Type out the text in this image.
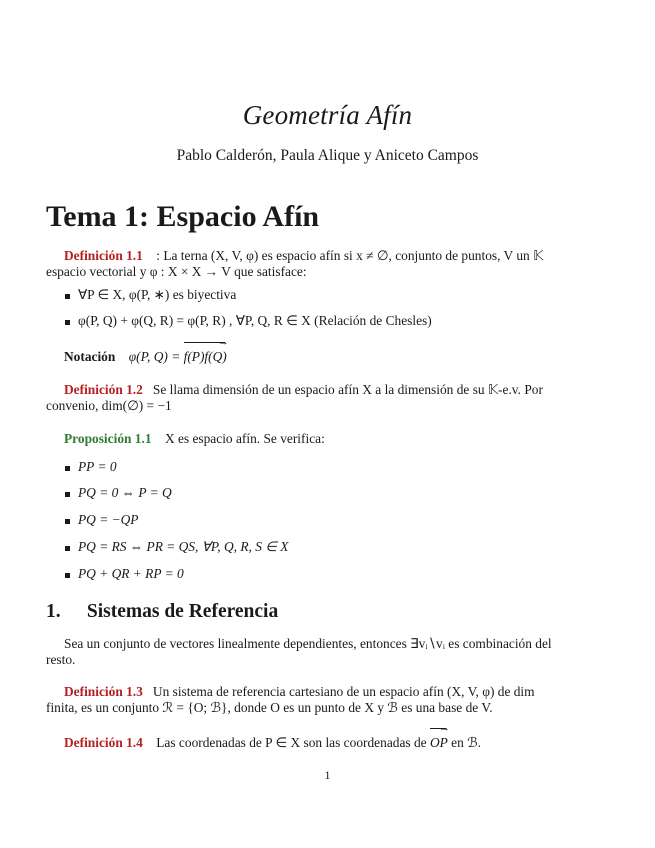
Geometría Afín
Pablo Calderón, Paula Alique y Aniceto Campos
Tema 1: Espacio Afín
Definición 1.1 : La terna (X, V, φ) es espacio afín si x ≠ ∅, conjunto de puntos, V un 𝕂
espacio vectorial y φ : X × X → V que satisface:
∀P ∈ X, φ(P, ∗) es biyectiva
φ(P, Q) + φ(Q, R) = φ(P, R) , ∀P, Q, R ∈ X (Relación de Chesles)
Notación φ(P, Q) = → f(P)f(Q)
Definición 1.2 Se llama dimensión de un espacio afín X a la dimensión de su 𝕂-e.v. Por
convenio, dim(∅) = −1
Proposición 1.1 X es espacio afín. Se verifica:
PP = 0
PQ = 0 ⇔ P = Q
PQ = −QP
PQ = RS ⇔ PR = QS, ∀P, Q, R, S ∈ X
PQ + QR + RP = 0
1. Sistemas de Referencia
Sea un conjunto de vectores linealmente dependientes, entonces ∃vᵢ∖vᵢ es combinación del
resto.
Definición 1.3 Un sistema de referencia cartesiano de un espacio afín (X, V, φ) de dim
finita, es un conjunto ℛ = {O; ℬ}, donde O es un punto de X y ℬ es una base de V.
Definición 1.4 Las coordenadas de P ∈ X son las coordenadas de → OP en ℬ.
1
